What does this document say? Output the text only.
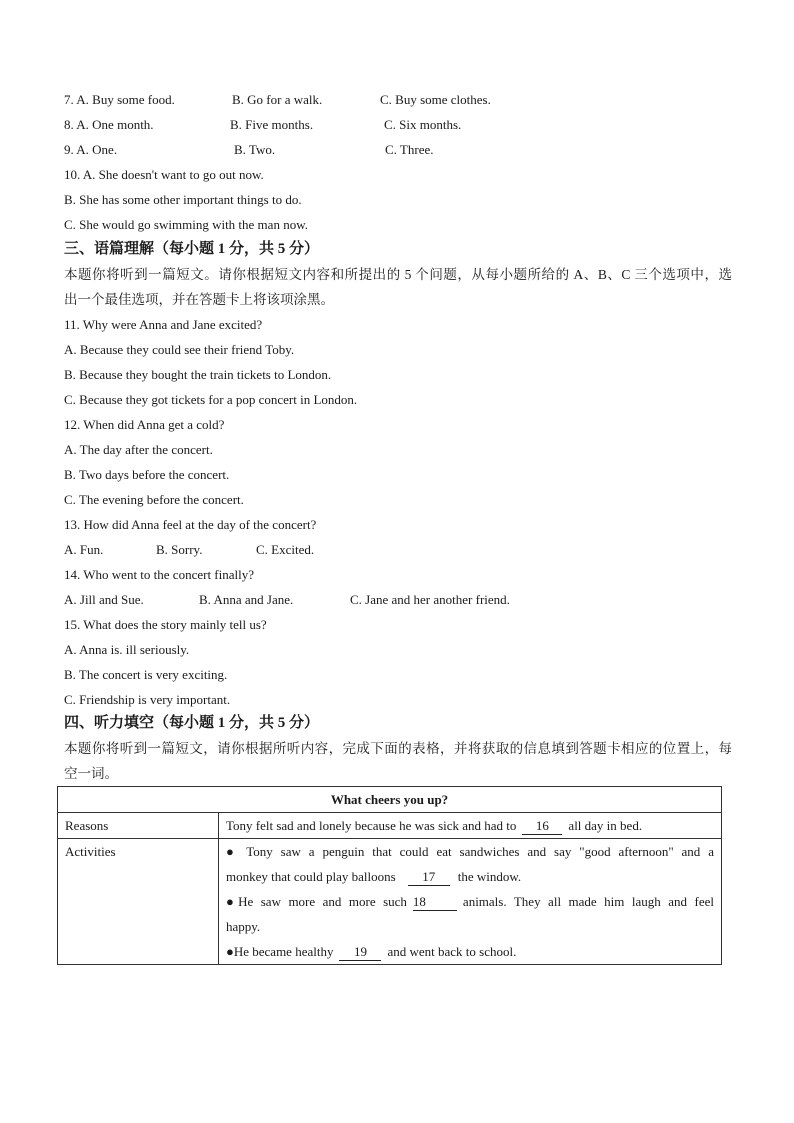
7. A. Buy some food.	B. Go for a walk.	C. Buy some clothes.
8. A. One month.	B. Five months.	C. Six months.
9. A. One.	B. Two.	C. Three.
10. A. She doesn't want to go out now.
B. She has some other important things to do.
C. She would go swimming with the man now.
三、语篇理解（每小题 1 分，共 5 分）
本题你将听到一篇短文。请你根据短文内容和所提出的 5 个问题，从每小题所给的 A、B、C 三个选项中，选
出一个最佳选项，并在答题卡上将该项涂黑。
11. Why were Anna and Jane excited?
A. Because they could see their friend Toby.
B. Because they bought the train tickets to London.
C. Because they got tickets for a pop concert in London.
12. When did Anna get a cold?
A. The day after the concert.
B. Two days before the concert.
C. The evening before the concert.
13. How did Anna feel at the day of the concert?
A. Fun.	B. Sorry.	C. Excited.
14. Who went to the concert finally?
A. Jill and Sue.	B. Anna and Jane.	C. Jane and her another friend.
15. What does the story mainly tell us?
A. Anna is. ill seriously.
B. The concert is very exciting.
C. Friendship is very important.
四、听力填空（每小题 1 分，共 5 分）
本题你将听到一篇短文，请你根据所听内容，完成下面的表格，并将获取的信息填到答题卡相应的位置上，每
空一词。
What cheers you up?	
Reasons	Tony felt sad and lonely because he was sick and had to 16 all day in bed.
Activities	● Tony saw a penguin that could eat sandwiches and say "good afternoon" and a
monkey that could play balloons 17 the window.
●He saw more and more such 18 animals. They all made him laugh and feel
happy.
●He became healthy 19 and went back to school.
